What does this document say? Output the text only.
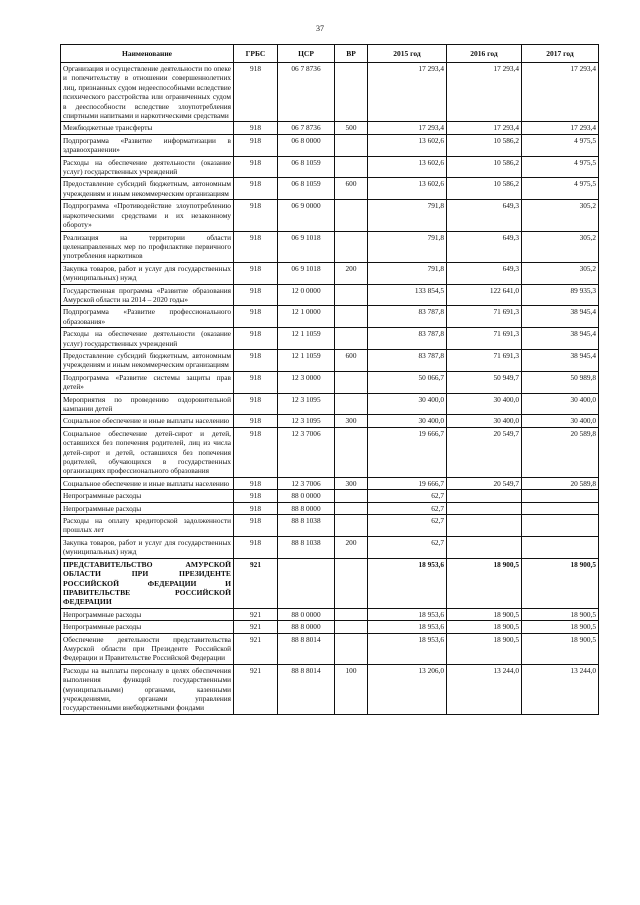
37
Наименование	ГРБС	ЦСР	ВР	2015 год	2016 год	2017 год
Организация и осуществление деятельности по опеке и попечительству в отношении совершеннолетних лиц, признанных судом недееспособными вследствие психического расстройства или ограниченных судом в дееспособности вследствие злоупотребления спиртными напитками и наркотическими средствами	918	06 7 8736		17 293,4	17 293,4	17 293,4
Межбюджетные трансферты	918	06 7 8736	500	17 293,4	17 293,4	17 293,4
Подпрограмма «Развитие информатизации в здравоохранении»	918	06 8 0000		13 602,6	10 586,2	4 975,5
Расходы на обеспечение деятельности (оказание услуг) государственных учреждений	918	06 8 1059		13 602,6	10 586,2	4 975,5
Предоставление субсидий бюджетным, автономным учреждениям и иным некоммерческим организациям	918	06 8 1059	600	13 602,6	10 586,2	4 975,5
Подпрограмма «Противодействие злоупотреблению наркотическими средствами и их незаконному обороту»	918	06 9 0000		791,8	649,3	305,2
Реализация на территории области целенаправленных мер по профилактике первичного употребления наркотиков	918	06 9 1018		791,8	649,3	305,2
Закупка товаров, работ и услуг для государственных (муниципальных) нужд	918	06 9 1018	200	791,8	649,3	305,2
Государственная программа «Развитие образования Амурской области на 2014 – 2020 годы»	918	12 0 0000		133 854,5	122 641,0	89 935,3
Подпрограмма «Развитие профессионального образования»	918	12 1 0000		83 787,8	71 691,3	38 945,4
Расходы на обеспечение деятельности (оказание услуг) государственных учреждений	918	12 1 1059		83 787,8	71 691,3	38 945,4
Предоставление субсидий бюджетным, автономным учреждениям и иным некоммерческим организациям	918	12 1 1059	600	83 787,8	71 691,3	38 945,4
Подпрограмма «Развитие системы защиты прав детей»	918	12 3 0000		50 066,7	50 949,7	50 989,8
Мероприятия по проведению оздоровительной кампании детей	918	12 3 1095		30 400,0	30 400,0	30 400,0
Социальное обеспечение и иные выплаты населению	918	12 3 1095	300	30 400,0	30 400,0	30 400,0
Социальное обеспечение детей-сирот и детей, оставшихся без попечения родителей, лиц из числа детей-сирот и детей, оставшихся без попечения родителей, обучающихся в государственных организациях профессионального образования	918	12 3 7006		19 666,7	20 549,7	20 589,8
Социальное обеспечение и иные выплаты населению	918	12 3 7006	300	19 666,7	20 549,7	20 589,8
Непрограммные расходы	918	88 0 0000		62,7		
Непрограммные расходы	918	88 8 0000		62,7		
Расходы на оплату кредиторской задолженности прошлых лет	918	88 8 1038		62,7		
Закупка товаров, работ и услуг для государственных (муниципальных) нужд	918	88 8 1038	200	62,7		
ПРЕДСТАВИТЕЛЬСТВО АМУРСКОЙ ОБЛАСТИ ПРИ ПРЕЗИДЕНТЕ РОССИЙСКОЙ ФЕДЕРАЦИИ И ПРАВИТЕЛЬСТВЕ РОССИЙСКОЙ ФЕДЕРАЦИИ	921			18 953,6	18 900,5	18 900,5
Непрограммные расходы	921	88 0 0000		18 953,6	18 900,5	18 900,5
Непрограммные расходы	921	88 8 0000		18 953,6	18 900,5	18 900,5
Обеспечение деятельности представительства Амурской области при Президенте Российской Федерации и Правительстве Российской Федерации	921	88 8 8014		18 953,6	18 900,5	18 900,5
Расходы на выплаты персоналу в целях обеспечения выполнения функций государственными (муниципальными) органами, казенными учреждениями, органами управления государственными внебюджетными фондами	921	88 8 8014	100	13 206,0	13 244,0	13 244,0
